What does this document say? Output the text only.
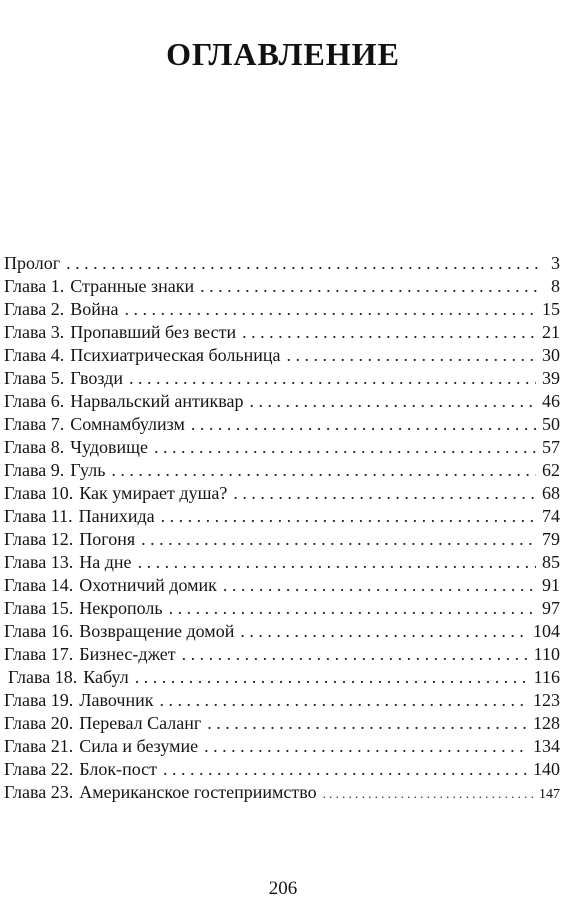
ОГЛАВЛЕНИЕ
Пролог . . .	3
Глава 1. Странные знаки . . .	8
Глава 2. Война . . .	15
Глава 3. Пропавший без вести . . .	21
Глава 4. Психиатрическая больница . . .	30
Глава 5. Гвозди . . .	39
Глава 6. Нарвальский антиквар . . .	46
Глава 7. Сомнамбулизм . . .	50
Глава 8. Чудовище . . .	57
Глава 9. Гуль . . .	62
Глава 10. Как умирает душа? . . .	68
Глава 11. Панихида . . .	74
Глава 12. Погоня . . .	79
Глава 13. На дне . . .	85
Глава 14. Охотничий домик . . .	91
Глава 15. Некрополь . . .	97
Глава 16. Возвращение домой . . .	104
Глава 17. Бизнес-джет . . .	110
Глава 18. Кабул . . .	116
Глава 19. Лавочник . . .	123
Глава 20. Перевал Саланг . . .	128
Глава 21. Сила и безумие . . .	134
Глава 22. Блок-пост . . .	140
Глава 23. Американское гостеприимство . . .	147
206
